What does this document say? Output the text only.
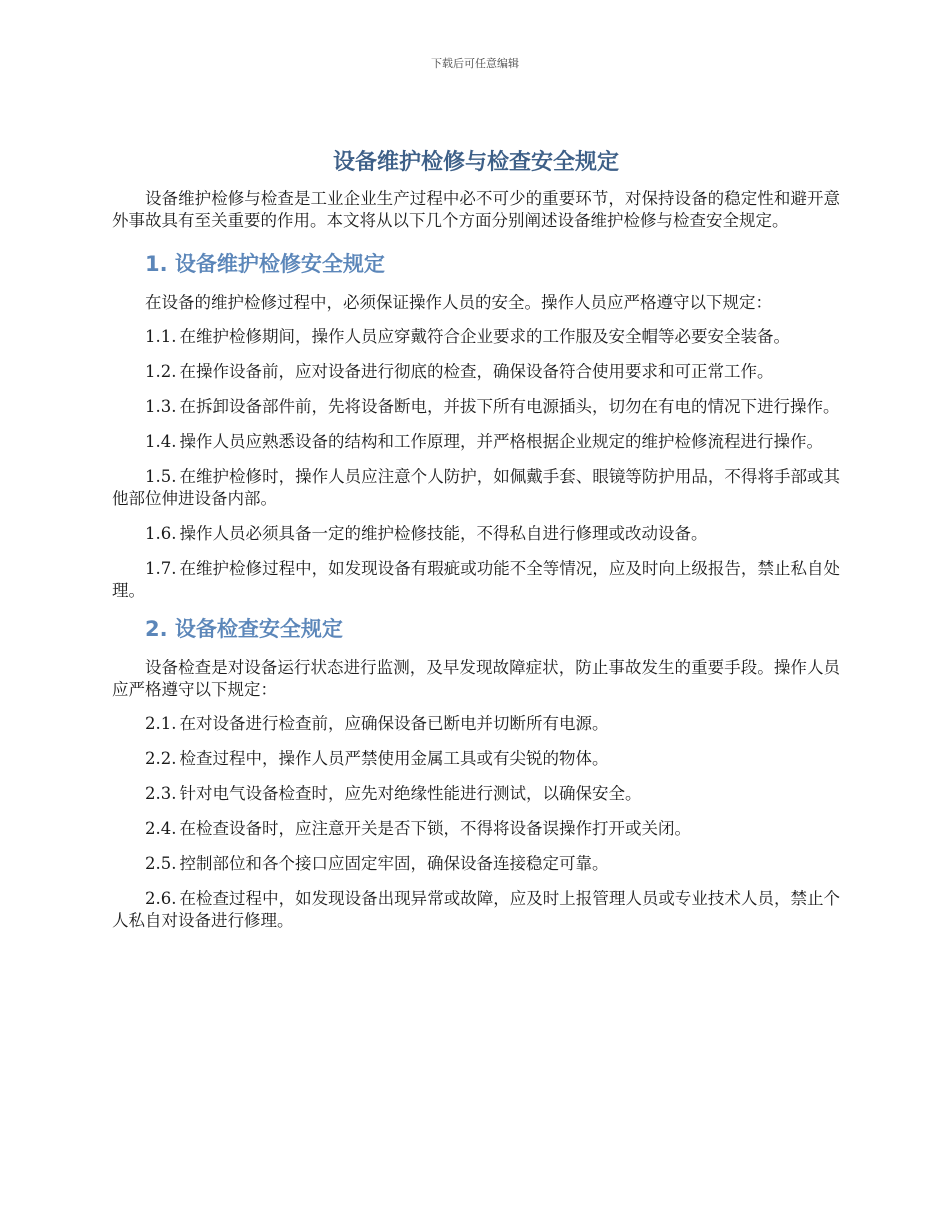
下载后可任意编辑
设备维护检修与检查安全规定

设备维护检修与检查是工业企业生产过程中必不可少的重要环节，对保持设备的稳定性和避开意外事故具有至关重要的作用。本文将从以下几个方面分别阐述设备维护检修与检查安全规定。

1. 设备维护检修安全规定

在设备的维护检修过程中，必须保证操作人员的安全。操作人员应严格遵守以下规定：

1.1. 在维护检修期间，操作人员应穿戴符合企业要求的工作服及安全帽等必要安全装备。

1.2. 在操作设备前，应对设备进行彻底的检查，确保设备符合使用要求和可正常工作。

1.3. 在拆卸设备部件前，先将设备断电，并拔下所有电源插头，切勿在有电的情况下进行操作。

1.4. 操作人员应熟悉设备的结构和工作原理，并严格根据企业规定的维护检修流程进行操作。

1.5. 在维护检修时，操作人员应注意个人防护，如佩戴手套、眼镜等防护用品，不得将手部或其他部位伸进设备内部。

1.6. 操作人员必须具备一定的维护检修技能，不得私自进行修理或改动设备。

1.7. 在维护检修过程中，如发现设备有瑕疵或功能不全等情况，应及时向上级报告，禁止私自处理。

2. 设备检查安全规定

设备检查是对设备运行状态进行监测，及早发现故障症状，防止事故发生的重要手段。操作人员应严格遵守以下规定：

2.1. 在对设备进行检查前，应确保设备已断电并切断所有电源。

2.2. 检查过程中，操作人员严禁使用金属工具或有尖锐的物体。

2.3. 针对电气设备检查时，应先对绝缘性能进行测试，以确保安全。

2.4. 在检查设备时，应注意开关是否下锁，不得将设备误操作打开或关闭。

2.5. 控制部位和各个接口应固定牢固，确保设备连接稳定可靠。

2.6. 在检查过程中，如发现设备出现异常或故障，应及时上报管理人员或专业技术人员，禁止个人私自对设备进行修理。
